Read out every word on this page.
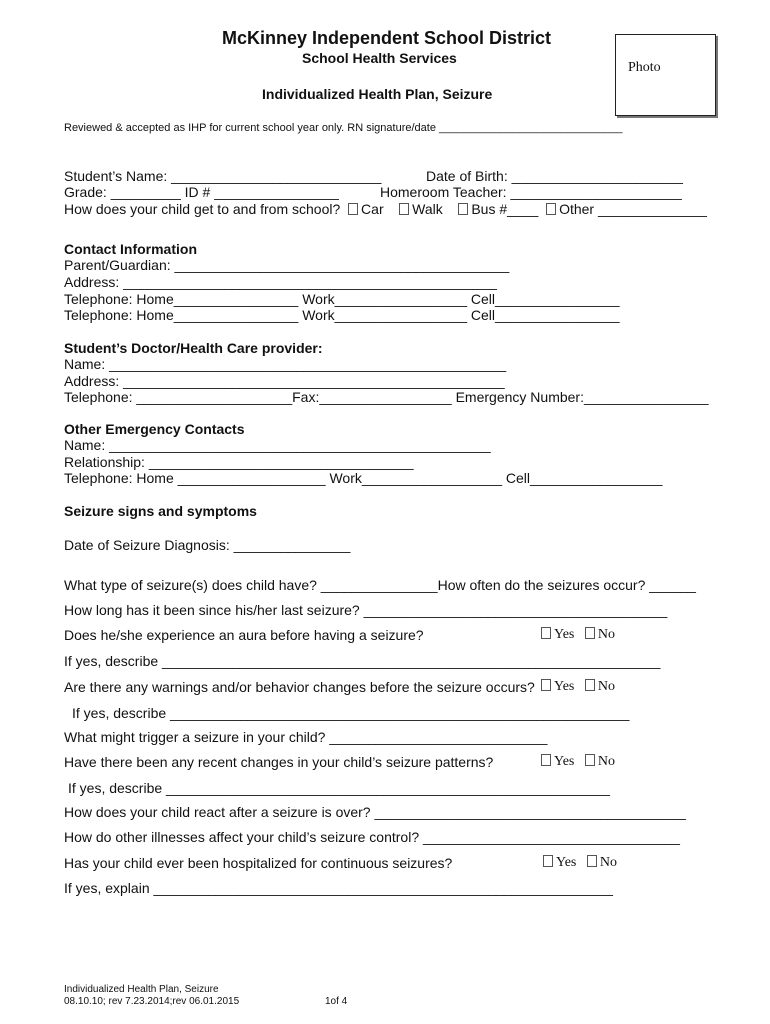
McKinney Independent School District
School Health Services
Individualized Health Plan, Seizure
Photo
Reviewed & accepted as IHP for current school year only. RN signature/date ______________________________
Student’s Name: ___________________________	Date of Birth: ______________________
Grade: _________ ID # ________________	Homeroom Teacher: ______________________
How does your child get to and from school? Car Walk Bus #____ Other ______________
Contact Information
Parent/Guardian: ___________________________________________
Address: ________________________________________________
Telephone: Home________________ Work_________________ Cell________________
Telephone: Home________________ Work_________________ Cell________________
Student’s Doctor/Health Care provider:
Name: ___________________________________________________
Address: _________________________________________________
Telephone: ____________________Fax:_________________ Emergency Number:________________
Other Emergency Contacts
Name: _________________________________________________
Relationship: __________________________________
Telephone: Home ___________________ Work__________________ Cell_________________
Seizure signs and symptoms
Date of Seizure Diagnosis: _______________
What type of seizure(s) does child have? _______________How often do the seizures occur? ______
How long has it been since his/her last seizure? _______________________________________
Does he/she experience an aura before having a seizure?	Yes No
If yes, describe ________________________________________________________________
Are there any warnings and/or behavior changes before the seizure occurs?	Yes No
If yes, describe ___________________________________________________________
What might trigger a seizure in your child? ____________________________
Have there been any recent changes in your child’s seizure patterns?	Yes No
If yes, describe _________________________________________________________
How does your child react after a seizure is over? ________________________________________
How do other illnesses affect your child’s seizure control? _________________________________
Has your child ever been hospitalized for continuous seizures?	Yes No
If yes, explain ___________________________________________________________
Individualized Health Plan, Seizure
08.10.10; rev 7.23.2014;rev 06.01.2015	1of 4
